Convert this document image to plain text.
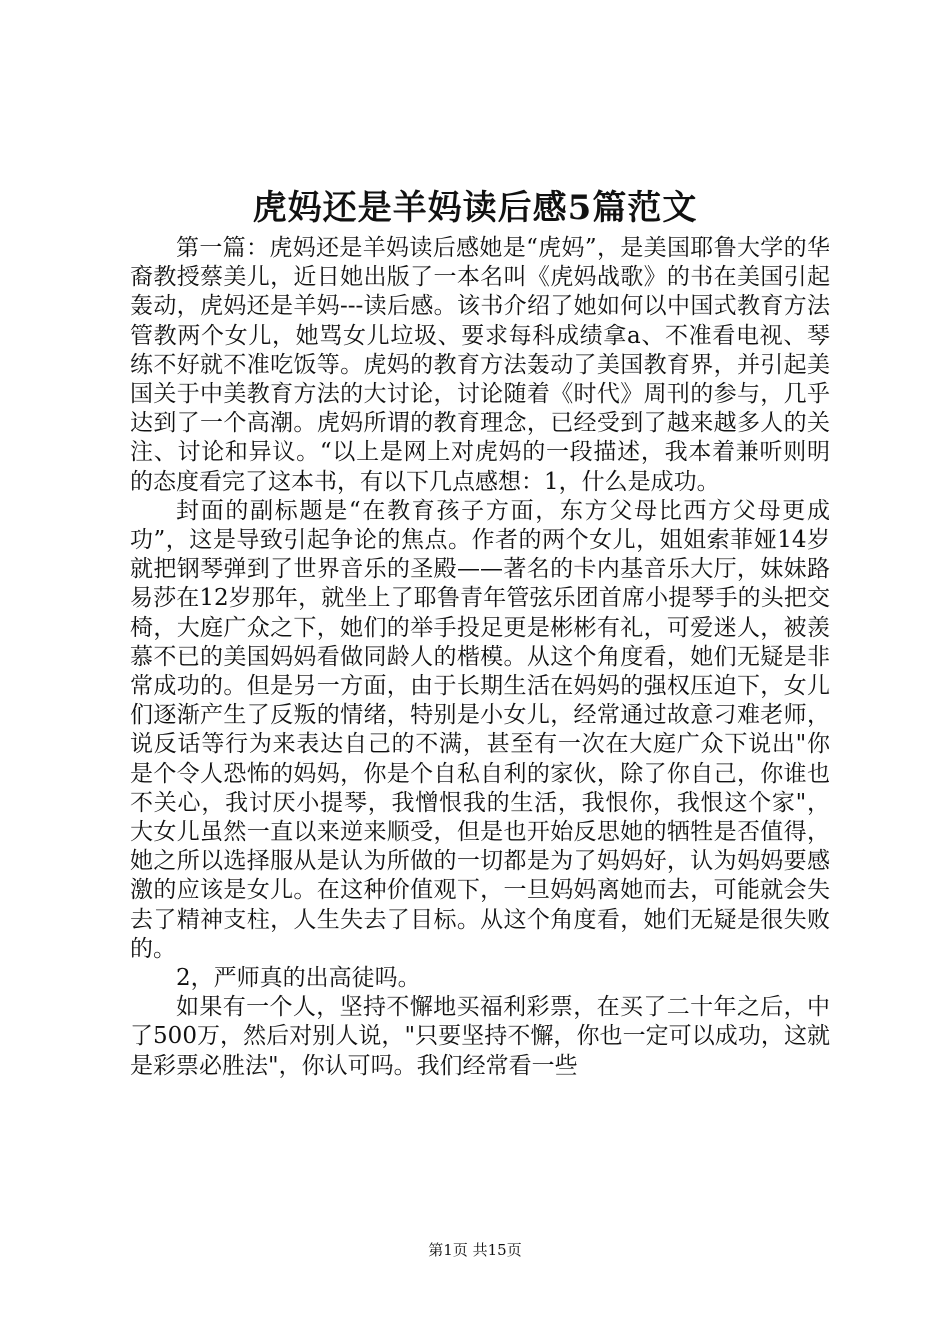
虎妈还是羊妈读后感5篇范文

第一篇：虎妈还是羊妈读后感她是“虎妈”，是美国耶鲁大学的华裔教授蔡美儿，近日她出版了一本名叫《虎妈战歌》的书在美国引起轰动，虎妈还是羊妈---读后感。该书介绍了她如何以中国式教育方法管教两个女儿，她骂女儿垃圾、要求每科成绩拿a、不准看电视、琴练不好就不准吃饭等。虎妈的教育方法轰动了美国教育界，并引起美国关于中美教育方法的大讨论，讨论随着《时代》周刊的参与，几乎达到了一个高潮。虎妈所谓的教育理念，已经受到了越来越多人的关注、讨论和异议。“以上是网上对虎妈的一段描述，我本着兼听则明的态度看完了这本书，有以下几点感想：1，什么是成功。

封面的副标题是“在教育孩子方面，东方父母比西方父母更成功”，这是导致引起争论的焦点。作者的两个女儿，姐姐索菲娅14岁就把钢琴弹到了世界音乐的圣殿——著名的卡内基音乐大厅，妹妹路易莎在12岁那年，就坐上了耶鲁青年管弦乐团首席小提琴手的头把交椅，大庭广众之下，她们的举手投足更是彬彬有礼，可爱迷人，被羡慕不已的美国妈妈看做同龄人的楷模。从这个角度看，她们无疑是非常成功的。但是另一方面，由于长期生活在妈妈的强权压迫下，女儿们逐渐产生了反叛的情绪，特别是小女儿，经常通过故意刁难老师，说反话等行为来表达自己的不满，甚至有一次在大庭广众下说出"你是个令人恐怖的妈妈，你是个自私自利的家伙，除了你自己，你谁也不关心，我讨厌小提琴，我憎恨我的生活，我恨你，我恨这个家"，大女儿虽然一直以来逆来顺受，但是也开始反思她的牺牲是否值得，她之所以选择服从是认为所做的一切都是为了妈妈好，认为妈妈要感激的应该是女儿。在这种价值观下，一旦妈妈离她而去，可能就会失去了精神支柱，人生失去了目标。从这个角度看，她们无疑是很失败的。

2，严师真的出高徒吗。

如果有一个人，坚持不懈地买福利彩票，在买了二十年之后，中了500万，然后对别人说，"只要坚持不懈，你也一定可以成功，这就是彩票必胜法"，你认可吗。我们经常看一些

第1页 共15页
